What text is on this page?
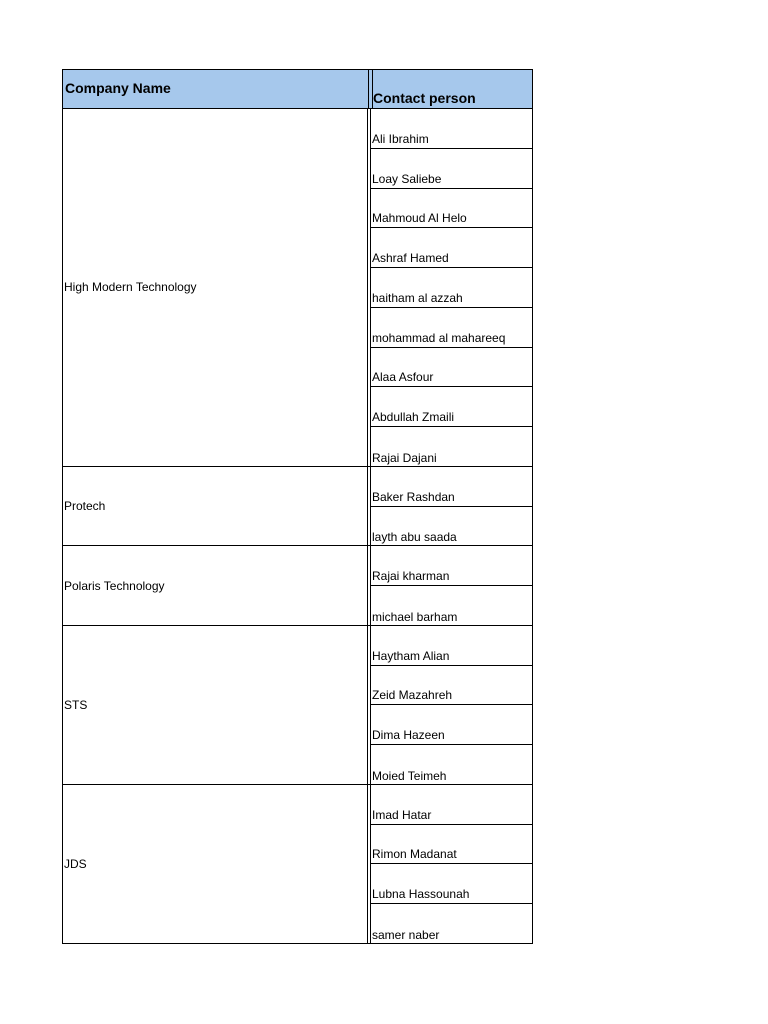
Company Name
Contact person
High Modern Technology
Ali Ibrahim
Loay Saliebe
Mahmoud Al Helo
Ashraf Hamed
haitham al azzah
mohammad al mahareeq
Alaa Asfour
Abdullah Zmaili
Rajai Dajani
Protech
Baker Rashdan
layth abu saada
Polaris Technology
Rajai kharman
michael barham
STS
Haytham Alian
Zeid Mazahreh
Dima Hazeen
Moied Teimeh
JDS
Imad Hatar
Rimon Madanat
Lubna Hassounah
samer naber
